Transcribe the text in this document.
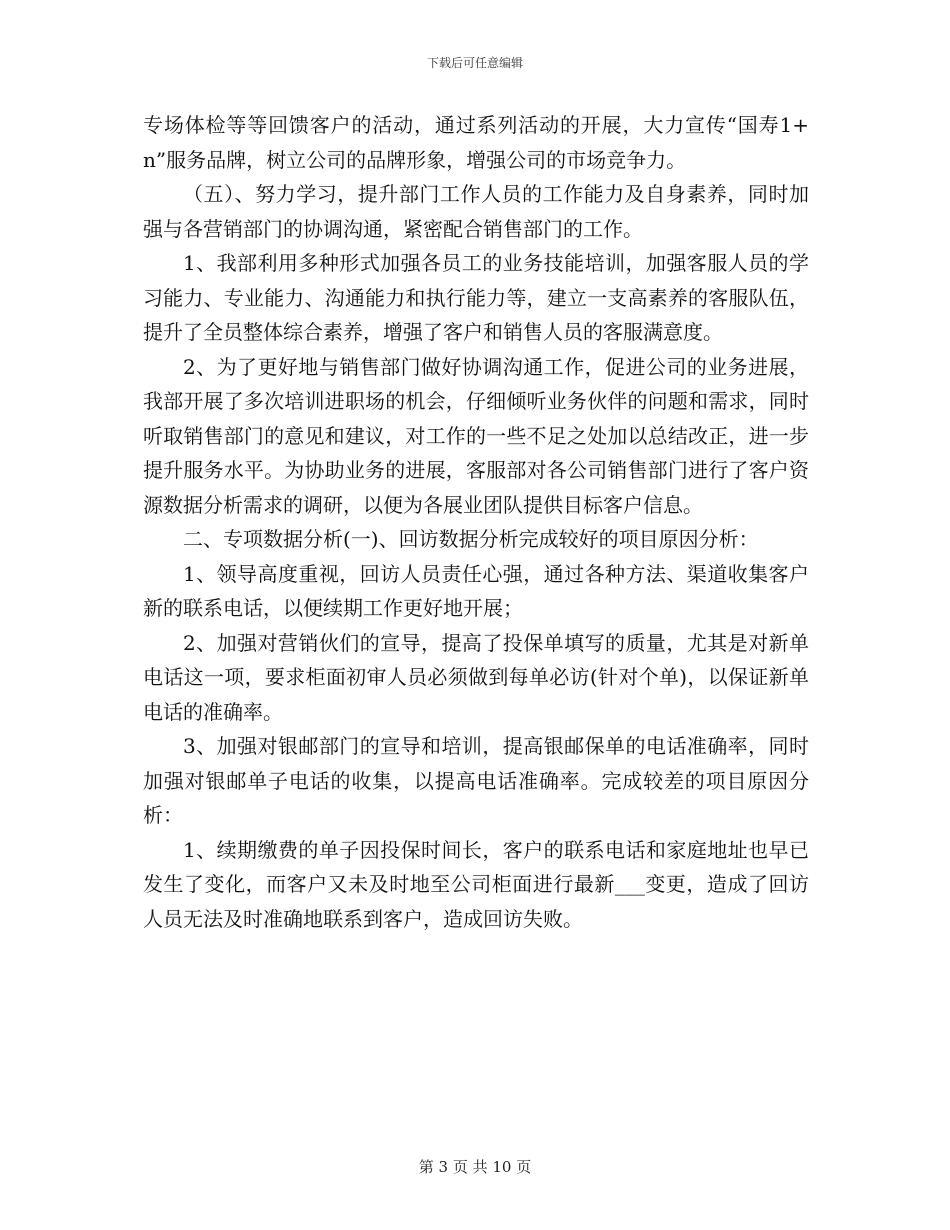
下载后可任意编辑

专场体检等等回馈客户的活动，通过系列活动的开展，大力宣传“国寿1+n”服务品牌，树立公司的品牌形象，增强公司的市场竞争力。

（五）、努力学习，提升部门工作人员的工作能力及自身素养，同时加强与各营销部门的协调沟通，紧密配合销售部门的工作。

1、我部利用多种形式加强各员工的业务技能培训，加强客服人员的学习能力、专业能力、沟通能力和执行能力等，建立一支高素养的客服队伍，提升了全员整体综合素养，增强了客户和销售人员的客服满意度。

2、为了更好地与销售部门做好协调沟通工作，促进公司的业务进展，我部开展了多次培训进职场的机会，仔细倾听业务伙伴的问题和需求，同时听取销售部门的意见和建议，对工作的一些不足之处加以总结改正，进一步提升服务水平。为协助业务的进展，客服部对各公司销售部门进行了客户资源数据分析需求的调研，以便为各展业团队提供目标客户信息。

二、专项数据分析(一)、回访数据分析完成较好的项目原因分析：

1、领导高度重视，回访人员责任心强，通过各种方法、渠道收集客户新的联系电话，以便续期工作更好地开展；

2、加强对营销伙们的宣导，提高了投保单填写的质量，尤其是对新单电话这一项，要求柜面初审人员必须做到每单必访(针对个单)，以保证新单电话的准确率。

3、加强对银邮部门的宣导和培训，提高银邮保单的电话准确率，同时加强对银邮单子电话的收集，以提高电话准确率。完成较差的项目原因分析：

1、续期缴费的单子因投保时间长，客户的联系电话和家庭地址也早已发生了变化，而客户又未及时地至公司柜面进行最新___变更，造成了回访人员无法及时准确地联系到客户，造成回访失败。

第 3 页 共 10 页
